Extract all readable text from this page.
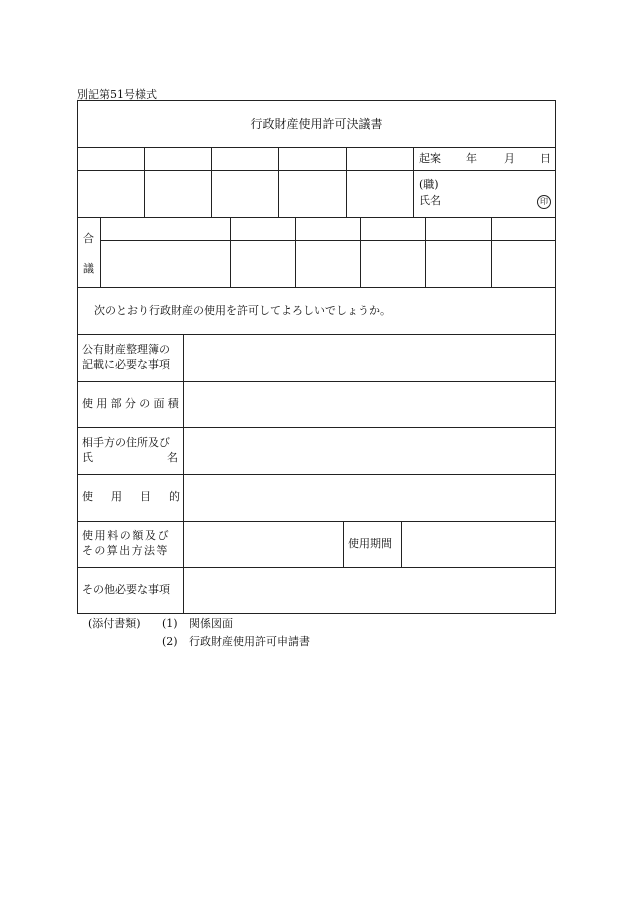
別記第51号様式
行政財産使用許可決議書
起案 年 月 日
(職)
氏名	印
合
議
次のとおり行政財産の使用を許可してよろしいでしょうか。
公有財産整理簿の
記載に必要な事項
使用部分の面積
相手方の住所及び
氏	名
使用目的
使用料の額及び
その算出方法等
使用期間
その他必要な事項
(添付書類) (1) 関係図面
(2) 行政財産使用許可申請書
